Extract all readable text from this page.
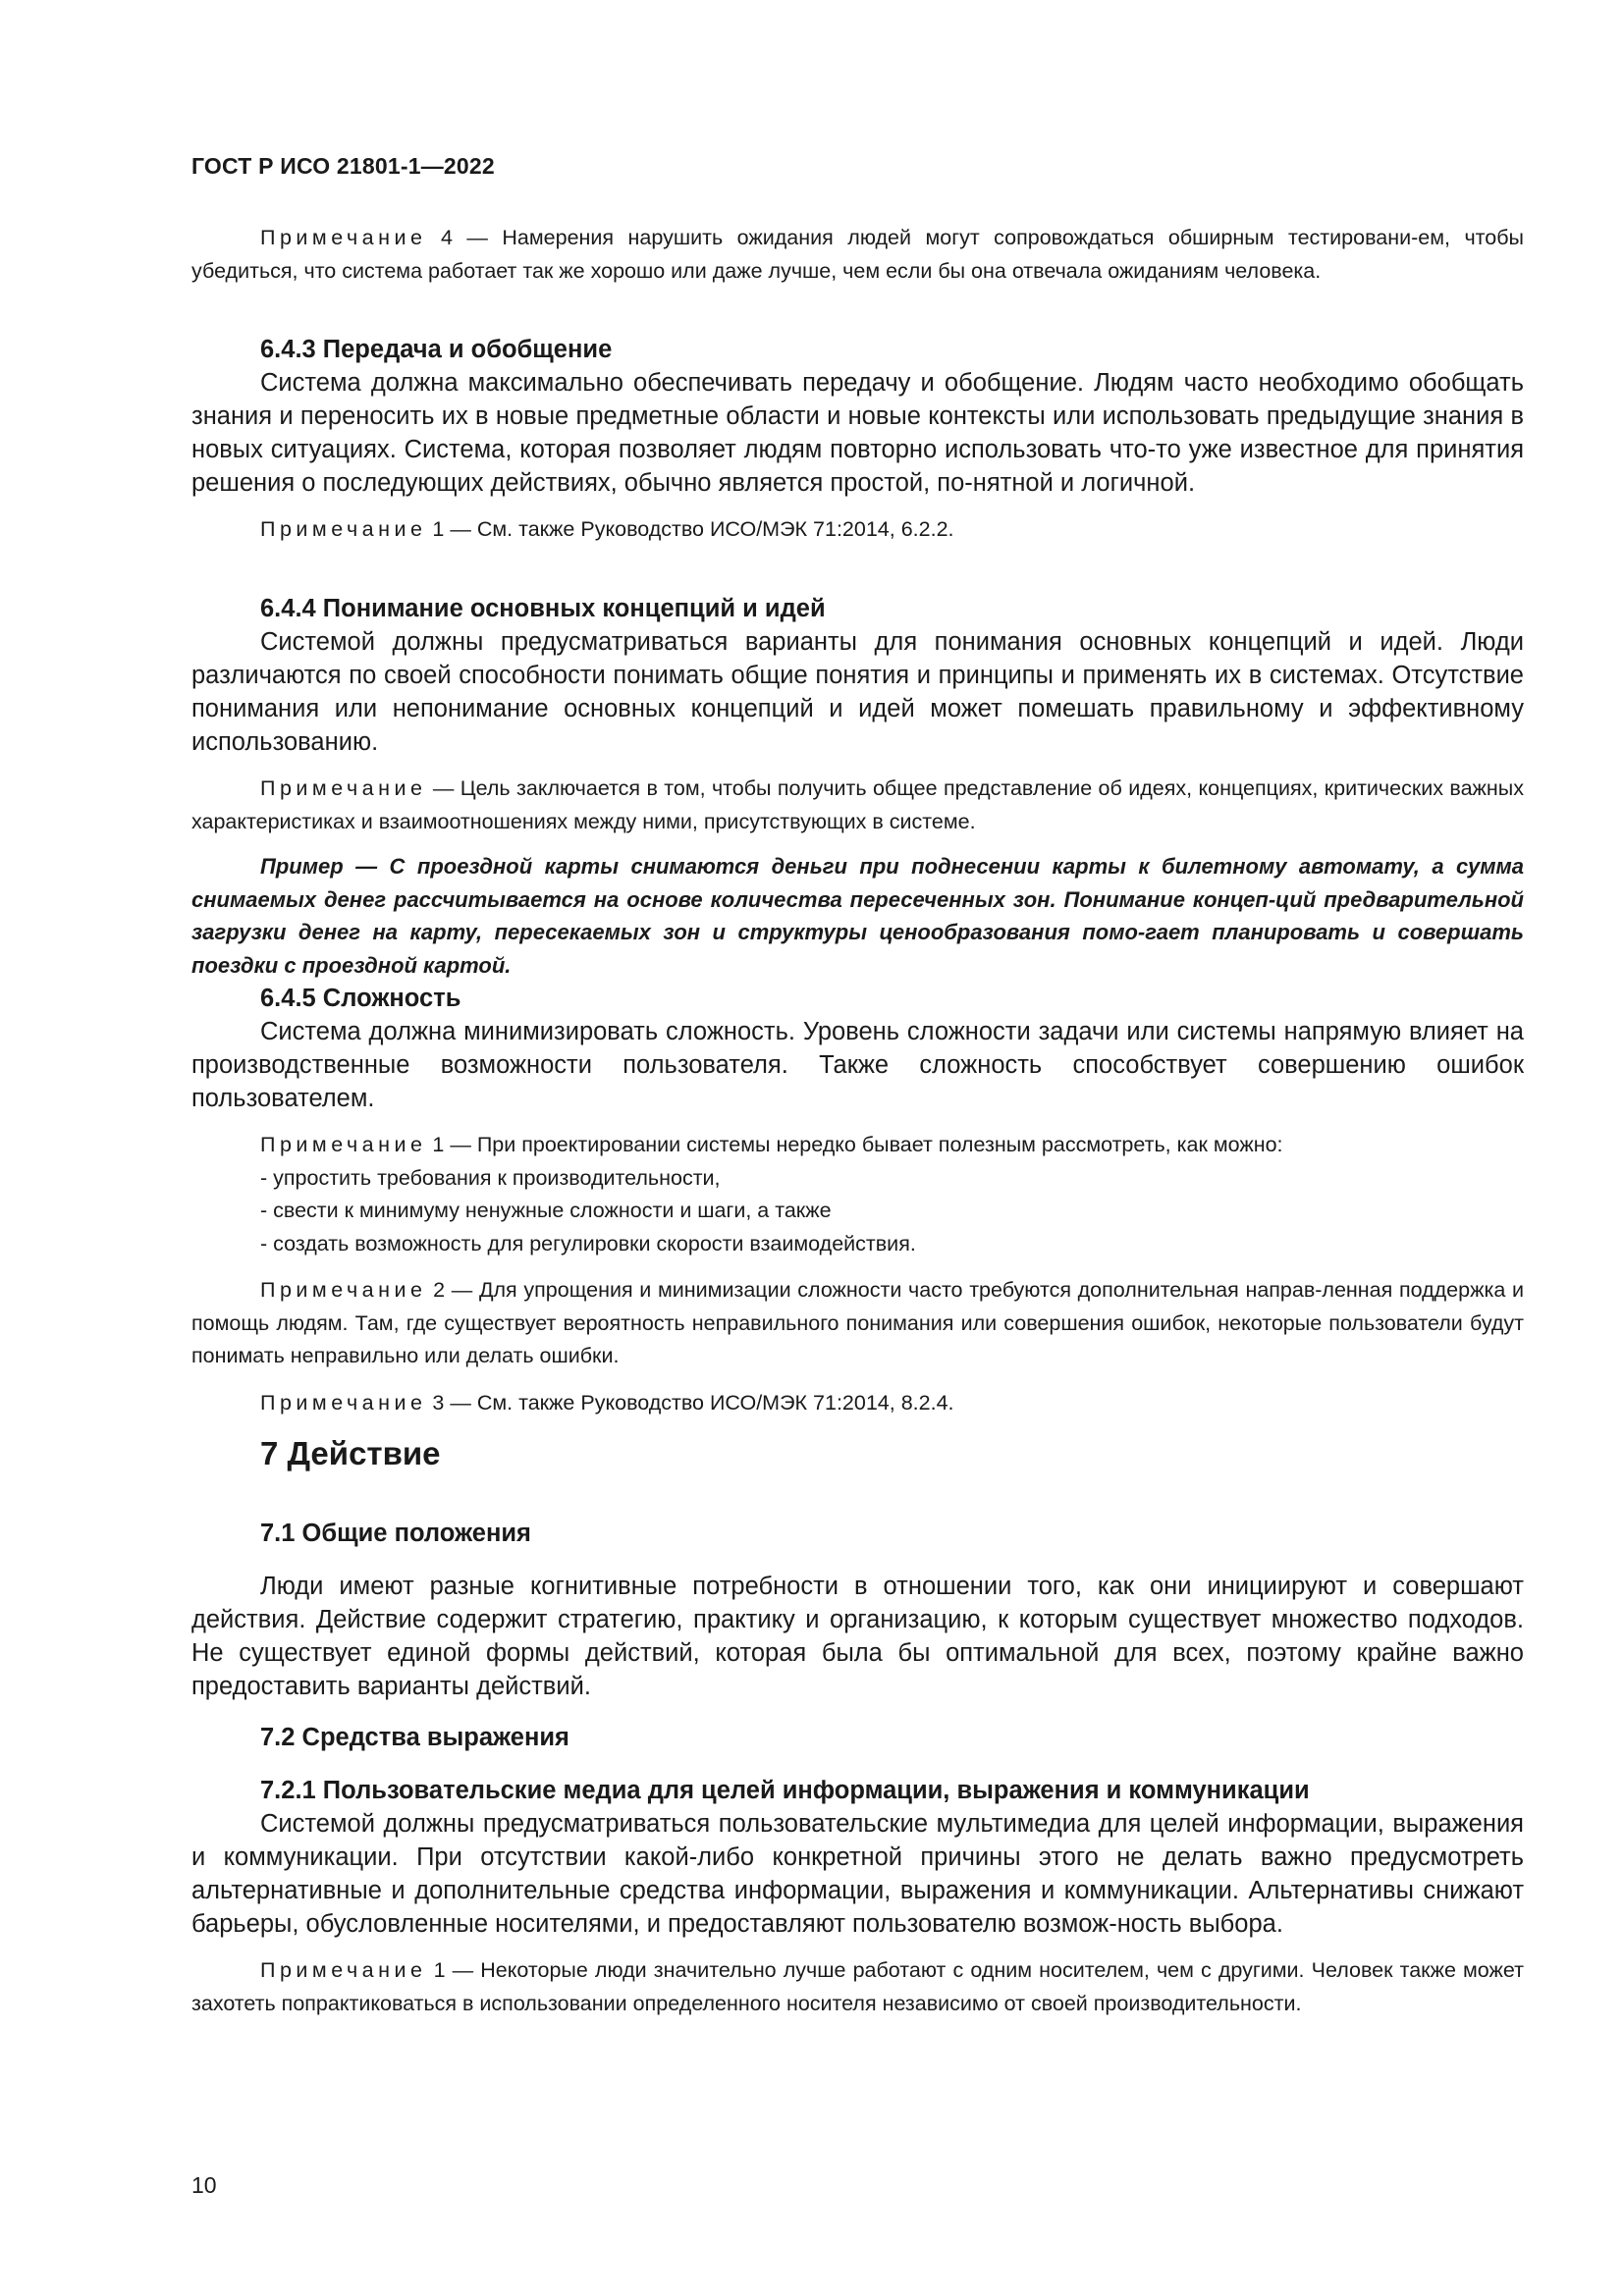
ГОСТ Р ИСО 21801-1—2022
Примечание 4 — Намерения нарушить ожидания людей могут сопровождаться обширным тестировани-ем, чтобы убедиться, что система работает так же хорошо или даже лучше, чем если бы она отвечала ожиданиям человека.

6.4.3 Передача и обобщение

Система должна максимально обеспечивать передачу и обобщение. Людям часто необходимо обобщать знания и переносить их в новые предметные области и новые контексты или использовать предыдущие знания в новых ситуациях. Система, которая позволяет людям повторно использовать что-то уже известное для принятия решения о последующих действиях, обычно является простой, по-нятной и логичной.

Примечание 1 — См. также Руководство ИСО/МЭК 71:2014, 6.2.2.

6.4.4 Понимание основных концепций и идей

Системой должны предусматриваться варианты для понимания основных концепций и идей. Люди различаются по своей способности понимать общие понятия и принципы и применять их в системах. Отсутствие понимания или непонимание основных концепций и идей может помешать правильному и эффективному использованию.

Примечание — Цель заключается в том, чтобы получить общее представление об идеях, концепциях, критических важных характеристиках и взаимоотношениях между ними, присутствующих в системе.

Пример — С проездной карты снимаются деньги при поднесении карты к билетному автомату, а сумма снимаемых денег рассчитывается на основе количества пересеченных зон. Понимание концеп-ций предварительной загрузки денег на карту, пересекаемых зон и структуры ценообразования помо-гает планировать и совершать поездки с проездной картой.

6.4.5 Сложность

Система должна минимизировать сложность. Уровень сложности задачи или системы напрямую влияет на производственные возможности пользователя. Также сложность способствует совершению ошибок пользователем.

Примечание 1 — При проектировании системы нередко бывает полезным рассмотреть, как можно:

- упростить требования к производительности,

- свести к минимуму ненужные сложности и шаги, а также

- создать возможность для регулировки скорости взаимодействия.

Примечание 2 — Для упрощения и минимизации сложности часто требуются дополнительная направ-ленная поддержка и помощь людям. Там, где существует вероятность неправильного понимания или совершения ошибок, некоторые пользователи будут понимать неправильно или делать ошибки.

Примечание 3 — См. также Руководство ИСО/МЭК 71:2014, 8.2.4.

7 Действие

7.1 Общие положения

Люди имеют разные когнитивные потребности в отношении того, как они инициируют и совершают действия. Действие содержит стратегию, практику и организацию, к которым существует множество подходов. Не существует единой формы действий, которая была бы оптимальной для всех, поэтому крайне важно предоставить варианты действий.

7.2 Средства выражения

7.2.1 Пользовательские медиа для целей информации, выражения и коммуникации

Системой должны предусматриваться пользовательские мультимедиа для целей информации, выражения и коммуникации. При отсутствии какой-либо конкретной причины этого не делать важно предусмотреть альтернативные и дополнительные средства информации, выражения и коммуникации. Альтернативы снижают барьеры, обусловленные носителями, и предоставляют пользователю возмож-ность выбора.

Примечание 1 — Некоторые люди значительно лучше работают с одним носителем, чем с другими. Человек также может захотеть попрактиковаться в использовании определенного носителя независимо от своей производительности.

10
